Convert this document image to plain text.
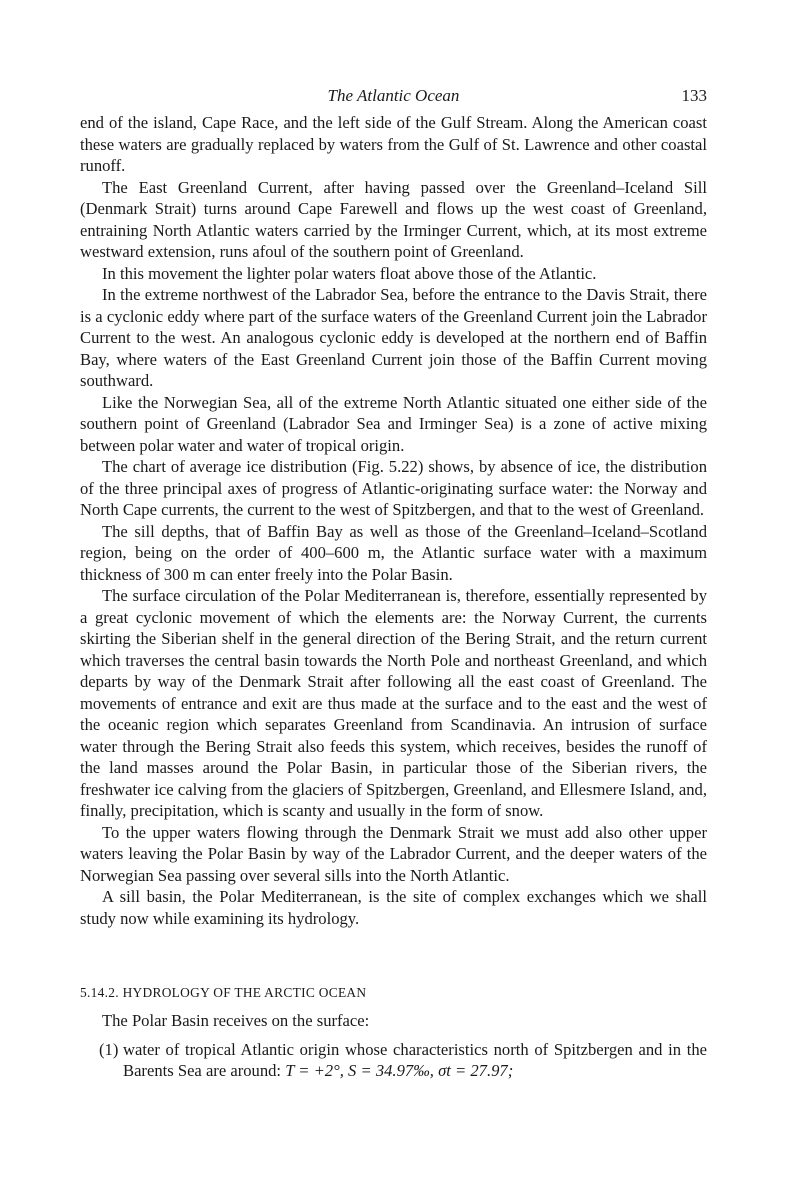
The Atlantic Ocean	133

end of the island, Cape Race, and the left side of the Gulf Stream. Along the American coast these waters are gradually replaced by waters from the Gulf of St. Lawrence and other coastal runoff.

The East Greenland Current, after having passed over the Greenland–Iceland Sill (Denmark Strait) turns around Cape Farewell and flows up the west coast of Greenland, entraining North Atlantic waters carried by the Irminger Current, which, at its most extreme westward extension, runs afoul of the southern point of Greenland.

In this movement the lighter polar waters float above those of the Atlantic.

In the extreme northwest of the Labrador Sea, before the entrance to the Davis Strait, there is a cyclonic eddy where part of the surface waters of the Greenland Current join the Labrador Current to the west. An analogous cyclonic eddy is developed at the northern end of Baffin Bay, where waters of the East Greenland Current join those of the Baffin Current moving southward.

Like the Norwegian Sea, all of the extreme North Atlantic situated one either side of the southern point of Greenland (Labrador Sea and Irminger Sea) is a zone of active mixing between polar water and water of tropical origin.

The chart of average ice distribution (Fig. 5.22) shows, by absence of ice, the distribution of the three principal axes of progress of Atlantic-originating surface water: the Norway and North Cape currents, the current to the west of Spitzbergen, and that to the west of Greenland.

The sill depths, that of Baffin Bay as well as those of the Greenland–Iceland–Scotland region, being on the order of 400–600 m, the Atlantic surface water with a maximum thickness of 300 m can enter freely into the Polar Basin.

The surface circulation of the Polar Mediterranean is, therefore, essentially represented by a great cyclonic movement of which the elements are: the Norway Current, the currents skirting the Siberian shelf in the general direction of the Bering Strait, and the return current which traverses the central basin towards the North Pole and northeast Greenland, and which departs by way of the Denmark Strait after following all the east coast of Greenland. The movements of entrance and exit are thus made at the surface and to the east and the west of the oceanic region which separates Greenland from Scandinavia. An intrusion of surface water through the Bering Strait also feeds this system, which receives, besides the runoff of the land masses around the Polar Basin, in particular those of the Siberian rivers, the freshwater ice calving from the glaciers of Spitzbergen, Greenland, and Ellesmere Island, and, finally, precipitation, which is scanty and usually in the form of snow.

To the upper waters flowing through the Denmark Strait we must add also other upper waters leaving the Polar Basin by way of the Labrador Current, and the deeper waters of the Norwegian Sea passing over several sills into the North Atlantic.

A sill basin, the Polar Mediterranean, is the site of complex exchanges which we shall study now while examining its hydrology.

5.14.2. HYDROLOGY OF THE ARCTIC OCEAN

The Polar Basin receives on the surface:

(1) water of tropical Atlantic origin whose characteristics north of Spitzbergen and in the Barents Sea are around: T = +2°, S = 34.97‰, σt = 27.97;
